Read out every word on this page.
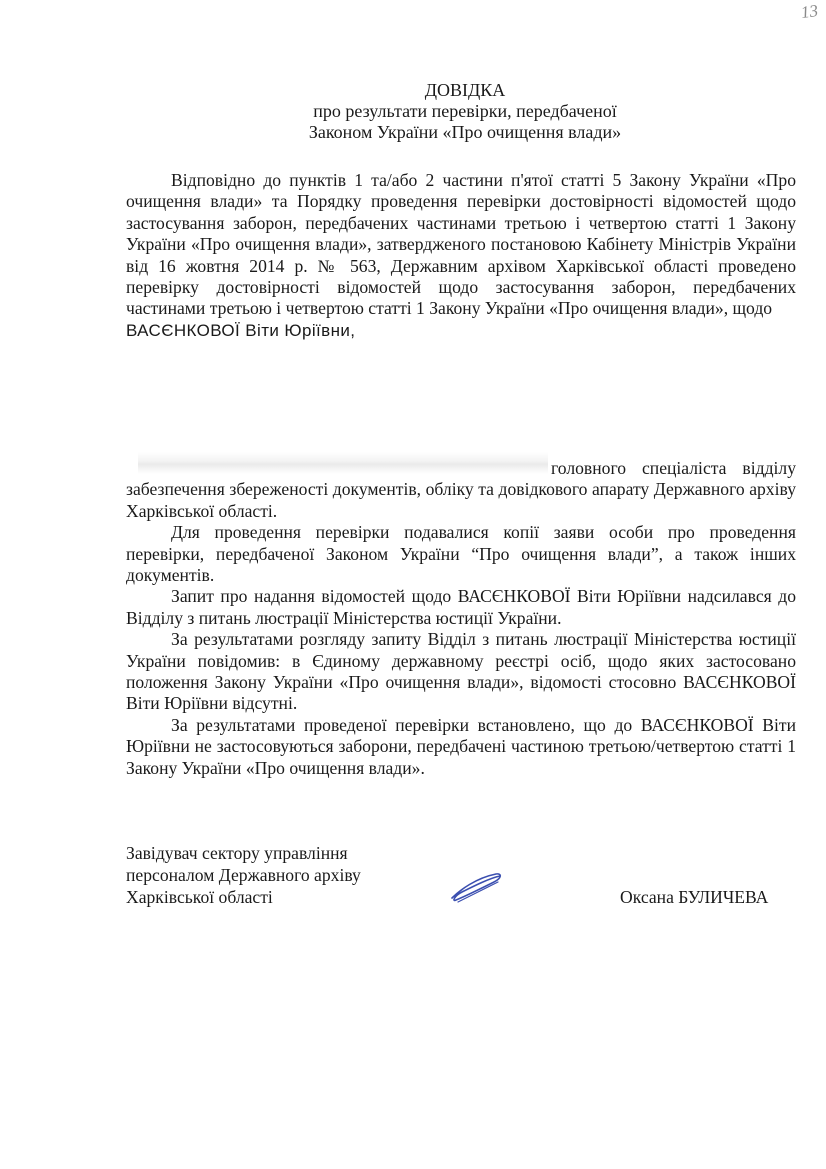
13
ДОВІДКА
про результати перевірки, передбаченої
Законом України «Про очищення влади»

Відповідно до пунктів 1 та/або 2 частини п'ятої статті 5 Закону України «Про очищення влади» та Порядку проведення перевірки достовірності відомостей щодо застосування заборон, передбачених частинами третьою і четвертою статті 1 Закону України «Про очищення влади», затвердженого постановою Кабінету Міністрів України від 16 жовтня 2014 р. № 563, Державним архівом Харківської області проведено перевірку достовірності відомостей щодо застосування заборон, передбачених частинами третьою і четвертою статті 1 Закону України «Про очищення влади», щодо

ВАСЄНКОВОЇ Віти Юріївни,

головного спеціаліста відділу забезпечення збереженості документів, обліку та довідкового апарату Державного архіву Харківської області.

Для проведення перевірки подавалися копії заяви особи про проведення перевірки, передбаченої Законом України “Про очищення влади”, а також інших документів.

Запит про надання відомостей щодо ВАСЄНКОВОЇ Віти Юріївни надсилався до Відділу з питань люстрації Міністерства юстиції України.

За результатами розгляду запиту Відділ з питань люстрації Міністерства юстиції України повідомив: в Єдиному державному реєстрі осіб, щодо яких застосовано положення Закону України «Про очищення влади», відомості стосовно ВАСЄНКОВОЇ Віти Юріївни відсутні.

За результатами проведеної перевірки встановлено, що до ВАСЄНКОВОЇ Віти Юріївни не застосовуються заборони, передбачені частиною третьою/четвертою статті 1 Закону України «Про очищення влади».

Завідувач сектору управління
персоналом Державного архіву
Харківської області	Оксана БУЛИЧЕВА
